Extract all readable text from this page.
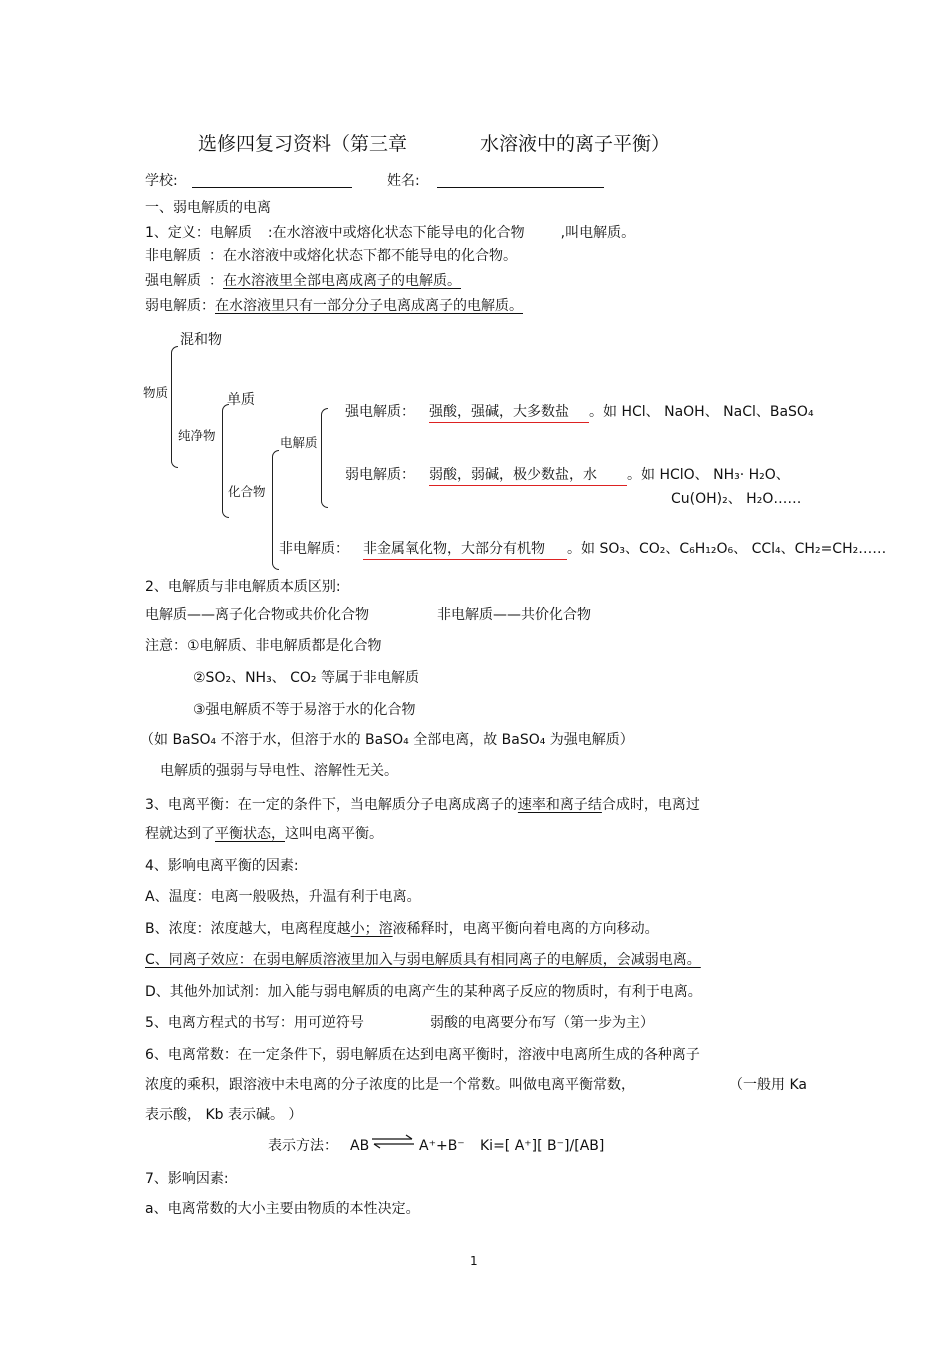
选修四复习资料（第三章	水溶液中的离子平衡）
学校:	姓名:
一、弱电解质的电离
1、定义：电解质 :在水溶液中或熔化状态下能导电的化合物	,叫电解质。
非电解质 ：在水溶液中或熔化状态下都不能导电的化合物。
强电解质 ：在水溶液里全部电离成离子的电解质。
弱电解质：在水溶液里只有一部分分子电离成离子的电解质。
混和物
物质
纯净物
单质
化合物
电解质
强电解质： 强酸，强碱，大多数盐 。如 HCl、 NaOH、 NaCl、BaSO₄
弱电解质： 弱酸，弱碱，极少数盐，水 。如 HClO、 NH₃· H₂O、
Cu(OH)₂、 H₂O……
非电解质： 非金属氧化物，大部分有机物 。如 SO₃、CO₂、C₆H₁₂O₆、 CCl₄、CH₂=CH₂……
2、电解质与非电解质本质区别:
电解质——离子化合物或共价化合物	非电解质——共价化合物
注意：①电解质、非电解质都是化合物
②SO₂、NH₃、 CO₂ 等属于非电解质
③强电解质不等于易溶于水的化合物
（如 BaSO₄ 不溶于水，但溶于水的 BaSO₄ 全部电离，故 BaSO₄ 为强电解质）
电解质的强弱与导电性、溶解性无关。
3、电离平衡：在一定的条件下，当电解质分子电离成离子的速率和离子结合成时，电离过
程就达到了平衡状态，这叫电离平衡。
4、影响电离平衡的因素:
A、温度：电离一般吸热，升温有利于电离。
B、浓度：浓度越大，电离程度越小；溶液稀释时，电离平衡向着电离的方向移动。
C、同离子效应：在弱电解质溶液里加入与弱电解质具有相同离子的电解质，会减弱电离。
D、其他外加试剂：加入能与弱电解质的电离产生的某种离子反应的物质时，有利于电离。
5、电离方程式的书写：用可逆符号	弱酸的电离要分布写（第一步为主）
6、电离常数：在一定条件下，弱电解质在达到电离平衡时，溶液中电离所生成的各种离子
浓度的乘积，跟溶液中未电离的分子浓度的比是一个常数。叫做电离平衡常数，	（一般用 Ka
表示酸， Kb 表示碱。 ）
表示方法： AB ⇌ A⁺+B⁻ Ki=[ A⁺][ B⁻]/[AB]
7、影响因素:
a、电离常数的大小主要由物质的本性决定。
1
